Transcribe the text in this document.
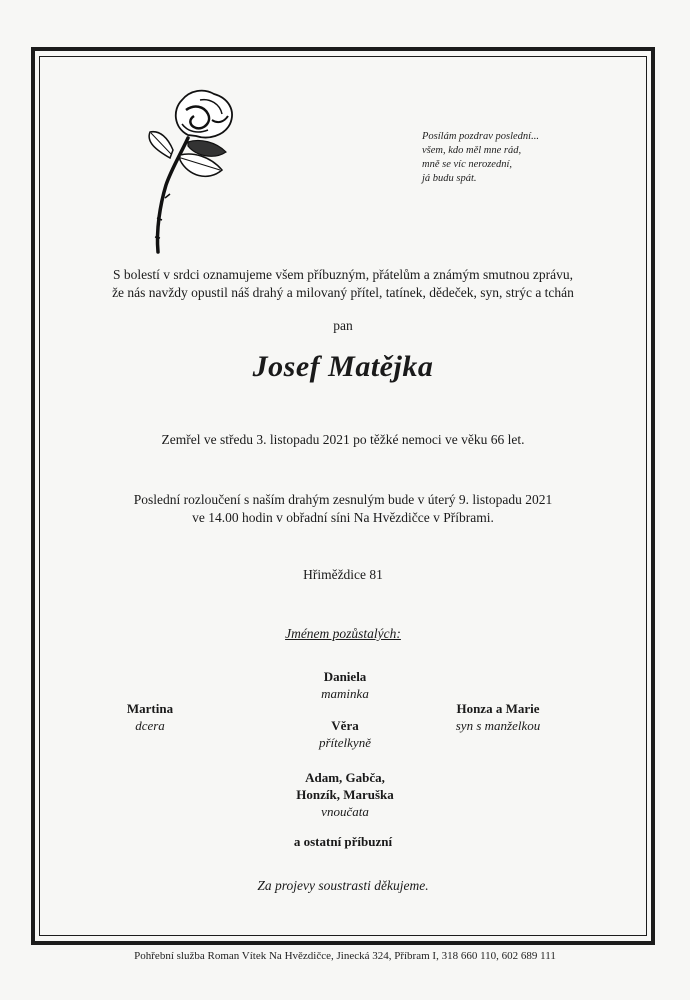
Posílám pozdrav poslední...
všem, kdo měl mne rád,
mně se víc nerozední,
já budu spát.
S bolestí v srdci oznamujeme všem příbuzným, přátelům a známým smutnou zprávu,
že nás navždy opustil náš drahý a milovaný přítel, tatínek, dědeček, syn, strýc a tchán
pan
Josef Matějka
Zemřel ve středu 3. listopadu 2021 po těžké nemoci ve věku 66 let.
Poslední rozloučení s naším drahým zesnulým bude v úterý 9. listopadu 2021
ve 14.00 hodin v obřadní síni Na Hvězdičce v Příbrami.
Hřiměždice 81
Jménem pozůstalých:
Daniela
maminka
Věra
přítelkyně
Adam, Gabča,
Honzík, Maruška
vnoučata
Martina
dcera
Honza a Marie
syn s manželkou
a ostatní příbuzní
Za projevy soustrasti děkujeme.
Pohřební služba Roman Vítek Na Hvězdičce, Jinecká 324, Příbram I, 318 660 110, 602 689 111
